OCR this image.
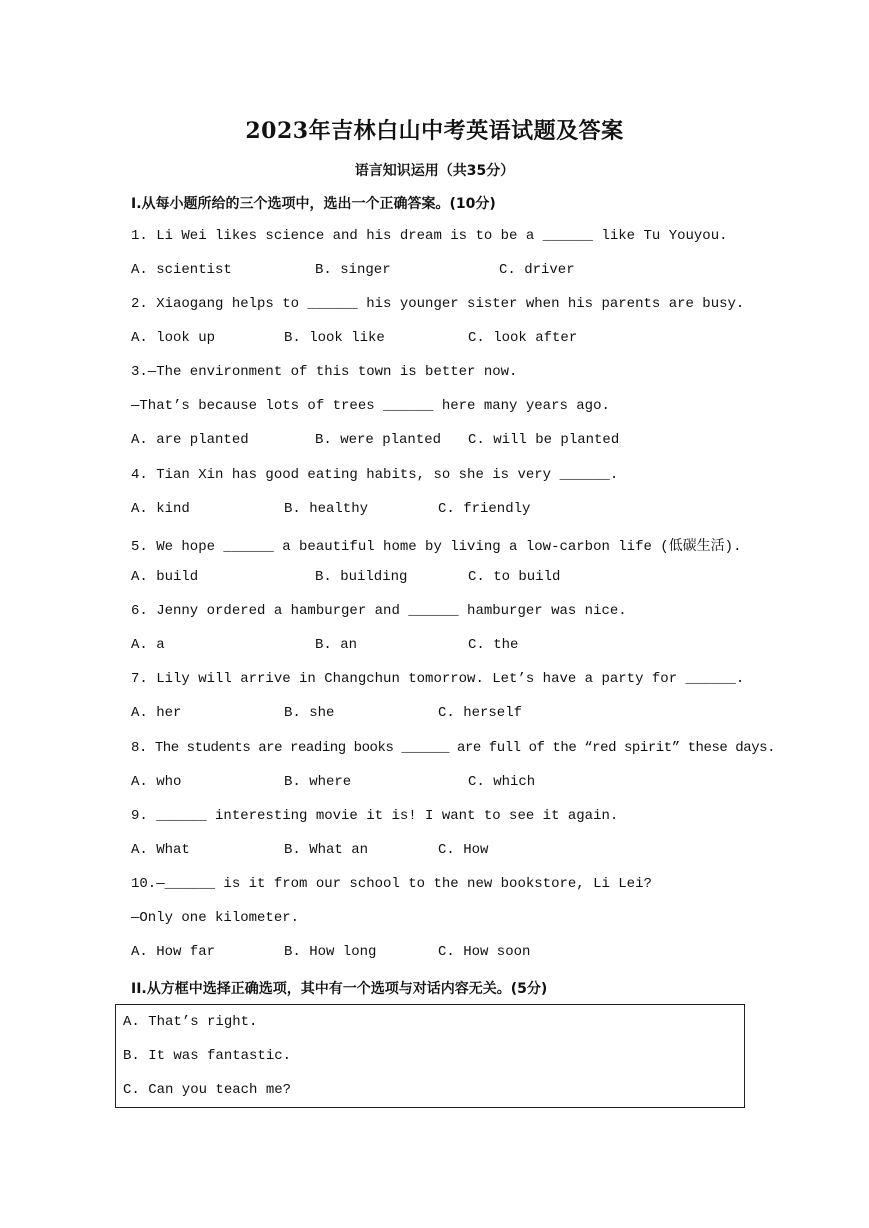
2023年吉林白山中考英语试题及答案
语言知识运用（共35分）
I.从每小题所给的三个选项中，选出一个正确答案。(10分)
1. Li Wei likes science and his dream is to be a ______ like Tu Youyou.
A. scientist	B. singer	C. driver
2. Xiaogang helps to ______ his younger sister when his parents are busy.
A. look up	B. look like	C. look after
3.—The environment of this town is better now.
—That’s because lots of trees ______ here many years ago.
A. are planted	B. were planted C. will be planted
4. Tian Xin has good eating habits, so she is very ______.
A. kind	B. healthy	C. friendly
5. We hope ______ a beautiful home by living a low-carbon life (低碳生活).
A. build	B. building	C. to build
6. Jenny ordered a hamburger and ______ hamburger was nice.
A. a	B. an	C. the
7. Lily will arrive in Changchun tomorrow. Let’s have a party for ______.
A. her	B. she	C. herself
8. The students are reading books ______ are full of the “red spirit” these days.
A. who	B. where	C. which
9. ______ interesting movie it is! I want to see it again.
A. What	B. What an	C. How
10.—______ is it from our school to the new bookstore, Li Lei?
—Only one kilometer.
A. How far	B. How long	C. How soon
II.从方框中选择正确选项，其中有一个选项与对话内容无关。(5分)
A. That’s right.
B. It was fantastic.
C. Can you teach me?
